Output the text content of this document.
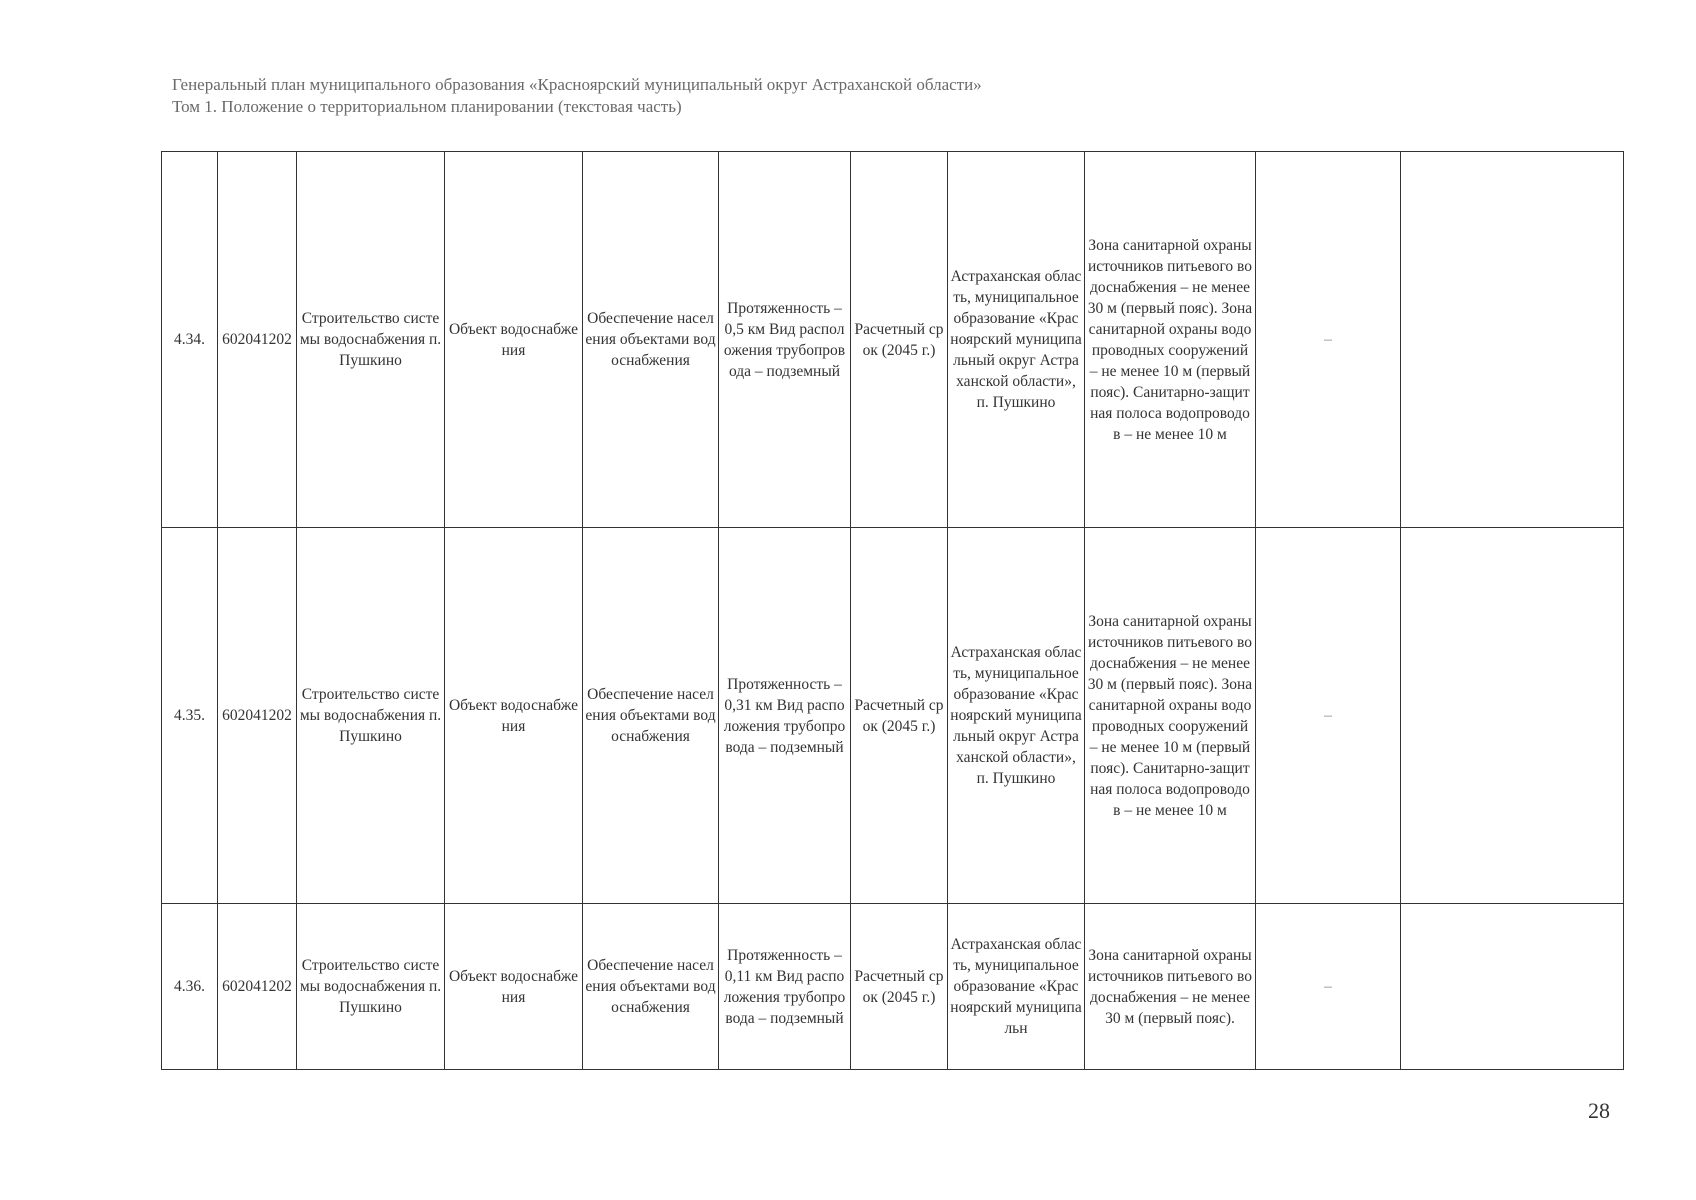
Генеральный план муниципального образования «Красноярский муниципальный округ Астраханской области»
Том 1. Положение о территориальном планировании (текстовая часть)
4.34.	602041202	Строительство системы водоснабжения п. Пушкино	Объект водоснабжения	Обеспечение населения объектами водоснабжения	Протяженность – 0,5 км Вид расположения трубопровода – подземный	Расчетный срок (2045 г.)	Астраханская область, муниципальное образование «Красноярский муниципальный округ Астраханской области», п. Пушкино	Зона санитарной охраны источников питьевого водоснабжения – не менее 30 м (первый пояс). Зона санитарной охраны водопроводных сооружений – не менее 10 м (первый пояс). Санитарно-защитная полоса водопроводов – не менее 10 м	–	
4.35.	602041202	Строительство системы водоснабжения п. Пушкино	Объект водоснабжения	Обеспечение населения объектами водоснабжения	Протяженность – 0,31 км Вид расположения трубопровода – подземный	Расчетный срок (2045 г.)	Астраханская область, муниципальное образование «Красноярский муниципальный округ Астраханской области», п. Пушкино	Зона санитарной охраны источников питьевого водоснабжения – не менее 30 м (первый пояс). Зона санитарной охраны водопроводных сооружений – не менее 10 м (первый пояс). Санитарно-защитная полоса водопроводов – не менее 10 м	–	
4.36.	602041202	Строительство системы водоснабжения п. Пушкино	Объект водоснабжения	Обеспечение населения объектами водоснабжения	Протяженность – 0,11 км Вид расположения трубопровода – подземный	Расчетный срок (2045 г.)	Астраханская область, муниципальное образование «Красноярский муниципальн	Зона санитарной охраны источников питьевого водоснабжения – не менее 30 м (первый пояс).	–	
28
